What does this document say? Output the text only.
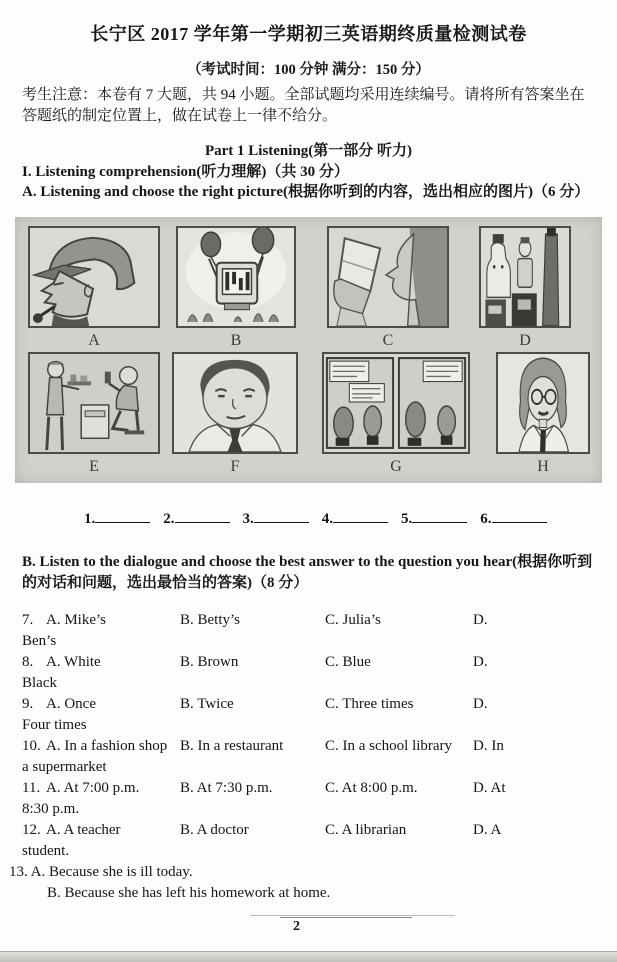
长宁区 2017 学年第一学期初三英语期终质量检测试卷
（考试时间：100 分钟 满分：150 分）
考生注意：本卷有 7 大题，共 94 小题。全部试题均采用连续编号。请将所有答案坐在答题纸的制定位置上，做在试卷上一律不给分。
Part 1 Listening(第一部分 听力)
I. Listening comprehension(听力理解)（共 30 分）
A. Listening and choose the right picture(根据你听到的内容，选出相应的图片)（6 分）
A	B	C	D
E	F	G	H
1.	2.	3.	4.	5.	6.
B. Listen to the dialogue and choose the best answer to the question you hear(根据你听到的对话和问题，选出最恰当的答案)（8 分）
7. A. Mike’s	B. Betty’s	C. Julia’s	D.
Ben’s
8. A. White	B. Brown	C. Blue	D.
Black
9. A. Once	B. Twice	C. Three times	D.
Four times
10. A. In a fashion shop B. In a restaurant	C. In a school library	D. In
a supermarket
11. A. At 7:00 p.m.	B. At 7:30 p.m.	C. At 8:00 p.m.	D. At
8:30 p.m.
12. A. A teacher	B. A doctor	C. A librarian	D. A
student.
13. A. Because she is ill today.
B. Because she has left his homework at home.
2
